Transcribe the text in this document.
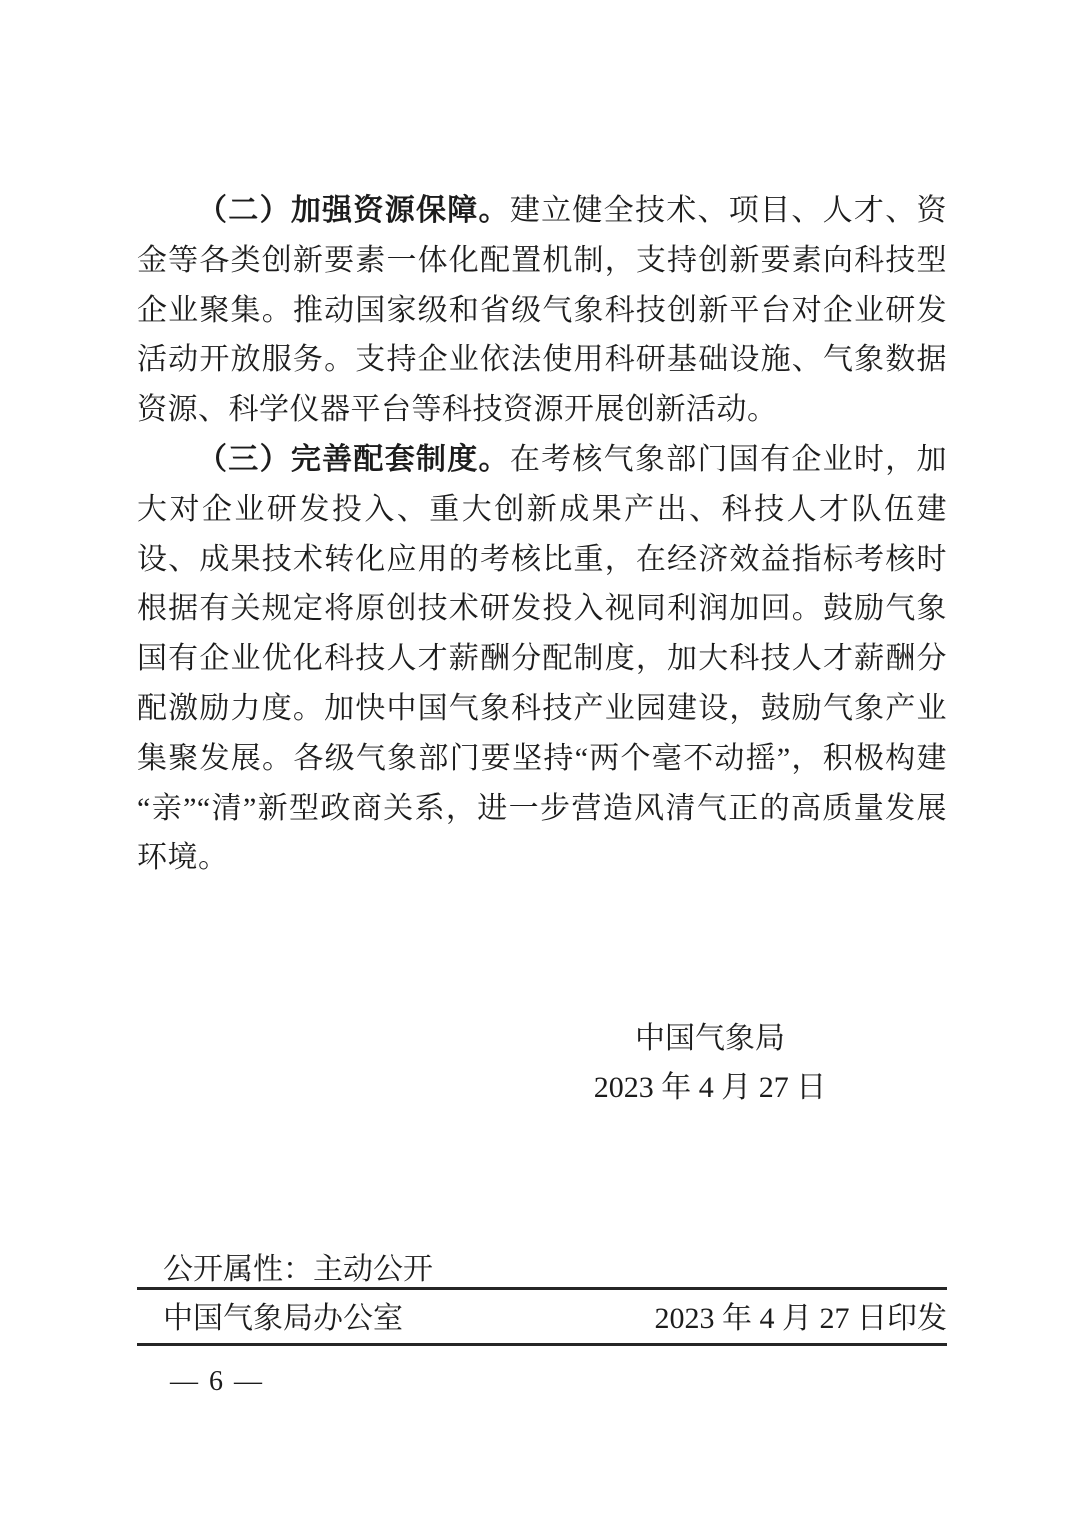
（二）加强资源保障。建立健全技术、项目、人才、资金等各类创新要素一体化配置机制，支持创新要素向科技型企业聚集。推动国家级和省级气象科技创新平台对企业研发活动开放服务。支持企业依法使用科研基础设施、气象数据资源、科学仪器平台等科技资源开展创新活动。

（三）完善配套制度。在考核气象部门国有企业时，加大对企业研发投入、重大创新成果产出、科技人才队伍建设、成果技术转化应用的考核比重，在经济效益指标考核时根据有关规定将原创技术研发投入视同利润加回。鼓励气象国有企业优化科技人才薪酬分配制度，加大科技人才薪酬分配激励力度。加快中国气象科技产业园建设，鼓励气象产业集聚发展。各级气象部门要坚持“两个毫不动摇”，积极构建“亲”“清”新型政商关系，进一步营造风清气正的高质量发展环境。

中国气象局
2023 年 4 月 27 日
公开属性：主动公开
中国气象局办公室	2023 年 4 月 27 日印发
— 6 —
